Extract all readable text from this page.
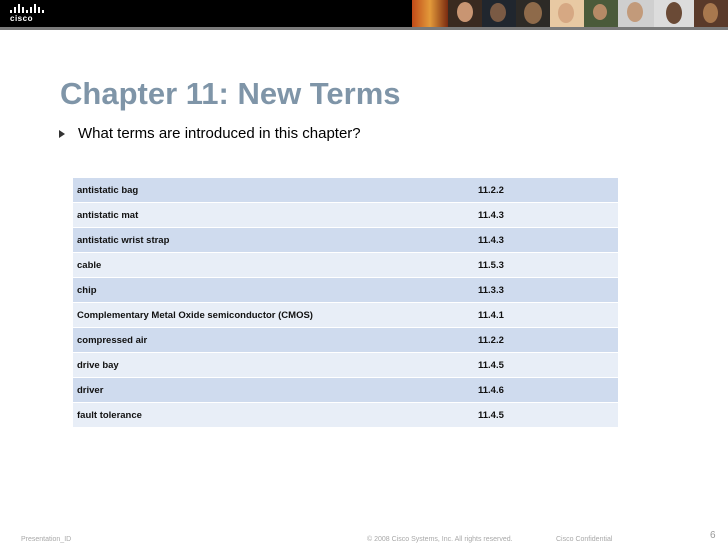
cisco
Chapter 11: New Terms
What terms are introduced in this chapter?
antistatic bag	11.2.2
antistatic mat	11.4.3
antistatic wrist strap	11.4.3
cable	11.5.3
chip	11.3.3
Complementary Metal Oxide semiconductor (CMOS)	11.4.1
compressed air	11.2.2
drive bay	11.4.5
driver	11.4.6
fault tolerance	11.4.5
Presentation_ID	© 2008 Cisco Systems, Inc. All rights reserved.	Cisco Confidential	6
